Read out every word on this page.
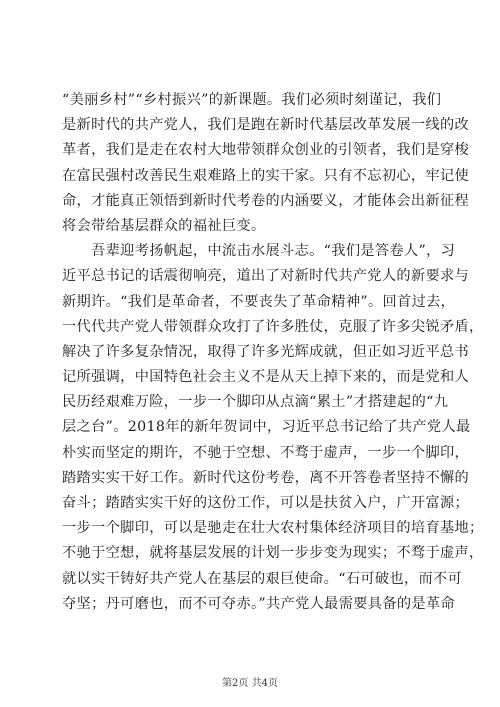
“美丽乡村”“乡村振兴”的新课题。我们必须时刻谨记，我们
是新时代的共产党人，我们是跑在新时代基层改革发展一线的改
革者，我们是走在农村大地带领群众创业的引领者，我们是穿梭
在富民强村改善民生艰难路上的实干家。只有不忘初心，牢记使
命，才能真正领悟到新时代考卷的内涵要义，才能体会出新征程
将会带给基层群众的福祉巨变。
　　吾辈迎考扬帆起，中流击水展斗志。“我们是答卷人”，习
近平总书记的话震彻响亮，道出了对新时代共产党人的新要求与
新期许。“我们是革命者，不要丧失了革命精神”。回首过去，
一代代共产党人带领群众攻打了许多胜仗，克服了许多尖锐矛盾，
解决了许多复杂情况，取得了许多光辉成就，但正如习近平总书
记所强调，中国特色社会主义不是从天上掉下来的，而是党和人
民历经艰难万险，一步一个脚印从点滴“累土”才搭建起的“九
层之台”。2018年的新年贺词中，习近平总书记给了共产党人最
朴实而坚定的期许，不驰于空想、不骛于虚声，一步一个脚印，
踏踏实实干好工作。新时代这份考卷，离不开答卷者坚持不懈的
奋斗；踏踏实实干好的这份工作，可以是扶贫入户，广开富源；
一步一个脚印，可以是驰走在壮大农村集体经济项目的培育基地；
不驰于空想，就将基层发展的计划一步步变为现实；不骛于虚声，
就以实干铸好共产党人在基层的艰巨使命。“石可破也，而不可
夺坚；丹可磨也，而不可夺赤。”共产党人最需要具备的是革命
第2页 共4页
